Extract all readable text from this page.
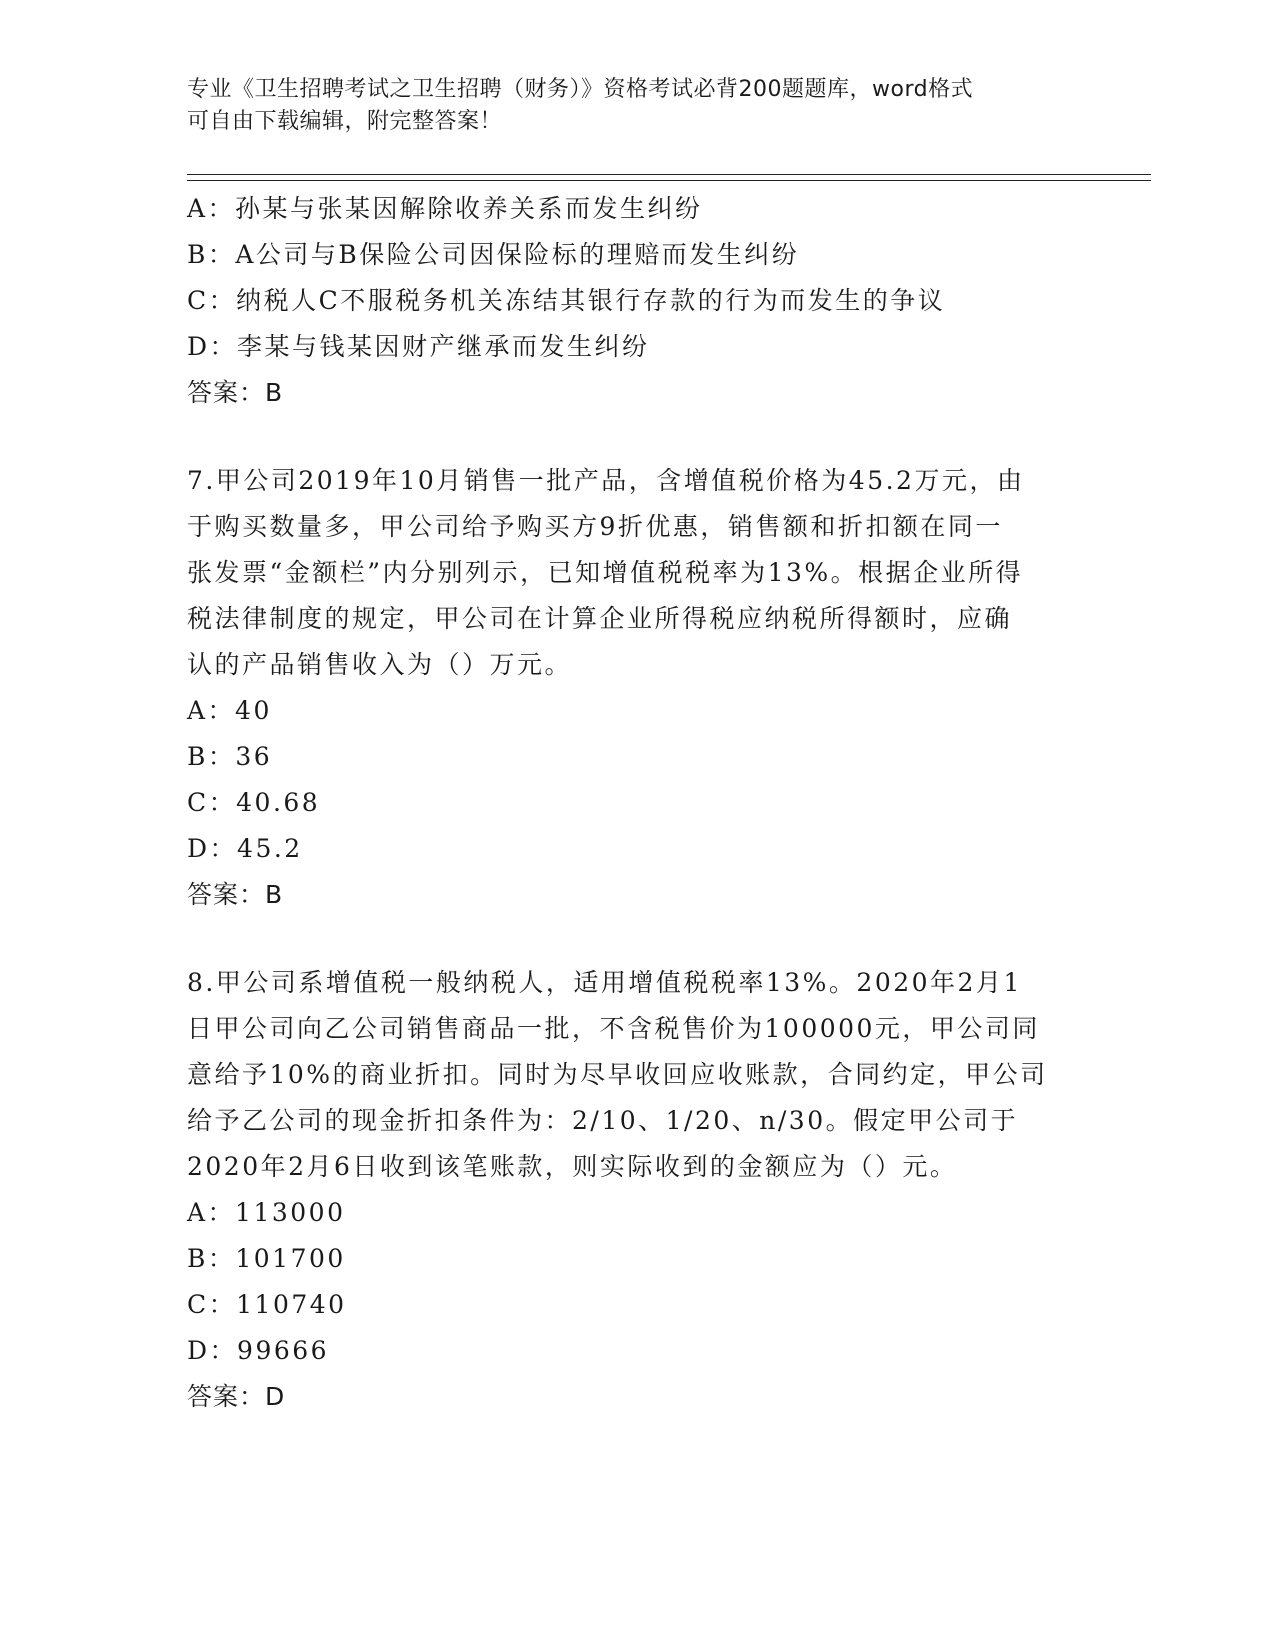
专业《卫生招聘考试之卫生招聘（财务）》资格考试必背200题题库，word格式
可自由下载编辑，附完整答案！
A：孙某与张某因解除收养关系而发生纠纷
B：A公司与B保险公司因保险标的理赔而发生纠纷
C：纳税人C不服税务机关冻结其银行存款的行为而发生的争议
D：李某与钱某因财产继承而发生纠纷
答案：B
7.甲公司2019年10月销售一批产品，含增值税价格为45.2万元，由
于购买数量多，甲公司给予购买方9折优惠，销售额和折扣额在同一
张发票“金额栏”内分别列示，已知增值税税率为13%。根据企业所得
税法律制度的规定，甲公司在计算企业所得税应纳税所得额时，应确
认的产品销售收入为（）万元。
A：40
B：36
C：40.68
D：45.2
答案：B
8.甲公司系增值税一般纳税人，适用增值税税率13%。2020年2月1
日甲公司向乙公司销售商品一批，不含税售价为100000元，甲公司同
意给予10%的商业折扣。同时为尽早收回应收账款，合同约定，甲公司
给予乙公司的现金折扣条件为：2/10、1/20、n/30。假定甲公司于
2020年2月6日收到该笔账款，则实际收到的金额应为（）元。
A：113000
B：101700
C：110740
D：99666
答案：D
